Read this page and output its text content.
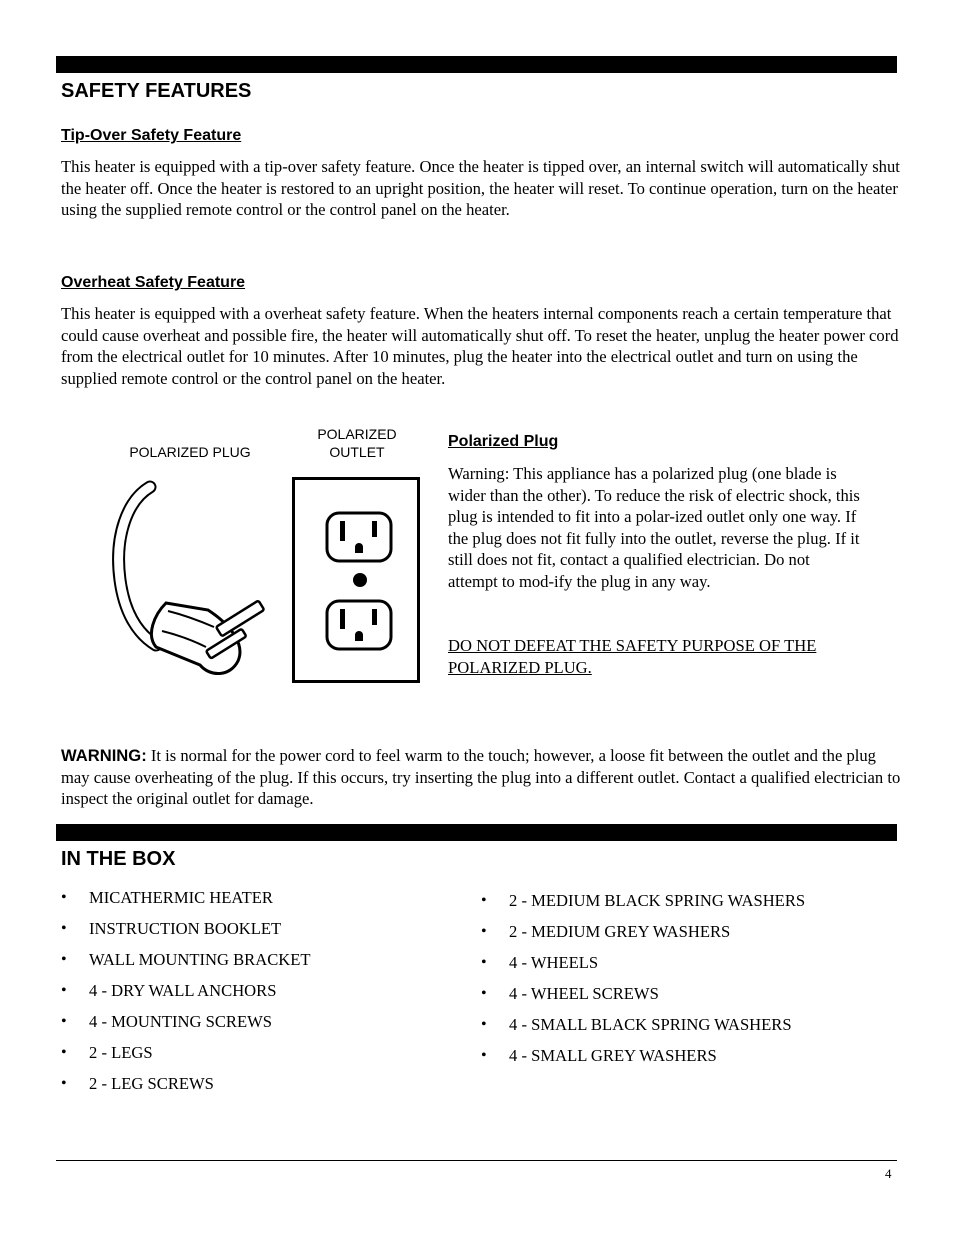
SAFETY FEATURES
Tip-Over Safety Feature

This heater is equipped with a tip-over safety feature. Once the heater is tipped over, an internal switch will automatically shut the heater off. Once the heater is restored to an upright position, the heater will reset. To continue operation, turn on the heater using the supplied remote control or the control panel on the heater.

Overheat Safety Feature

This heater is equipped with a overheat safety feature. When the heaters internal components reach a certain temperature that could cause overheat and possible fire, the heater will automatically shut off. To reset the heater, unplug the heater power cord from the electrical outlet for 10 minutes. After 10 minutes, plug the heater into the electrical outlet and turn on using the supplied remote control or the control panel on the heater.

POLARIZED PLUG
POLARIZED
OUTLET
Polarized Plug

Warning: This appliance has a polarized plug (one blade is wider than the other). To reduce the risk of electric shock, this plug is intended to fit into a polar-ized outlet only one way. If the plug does not fit fully into the outlet, reverse the plug. If it still does not fit, contact a qualified electrician. Do not attempt to mod-ify the plug in any way.

DO NOT DEFEAT THE SAFETY PURPOSE OF THE POLARIZED PLUG.

WARNING: It is normal for the power cord to feel warm to the touch; however, a loose fit between the outlet and the plug may cause overheating of the plug. If this occurs, try inserting the plug into a different outlet. Contact a qualified electrician to inspect the original outlet for damage.

IN THE BOX
• MICATHERMIC HEATER
• INSTRUCTION BOOKLET
• WALL MOUNTING BRACKET
• 4 - DRY WALL ANCHORS
• 4 - MOUNTING SCREWS
• 2 - LEGS
• 2 - LEG SCREWS
• 2 - MEDIUM BLACK SPRING WASHERS
• 2 - MEDIUM GREY WASHERS
• 4 - WHEELS
• 4 - WHEEL SCREWS
• 4 - SMALL BLACK SPRING WASHERS
• 4 - SMALL GREY WASHERS
4
